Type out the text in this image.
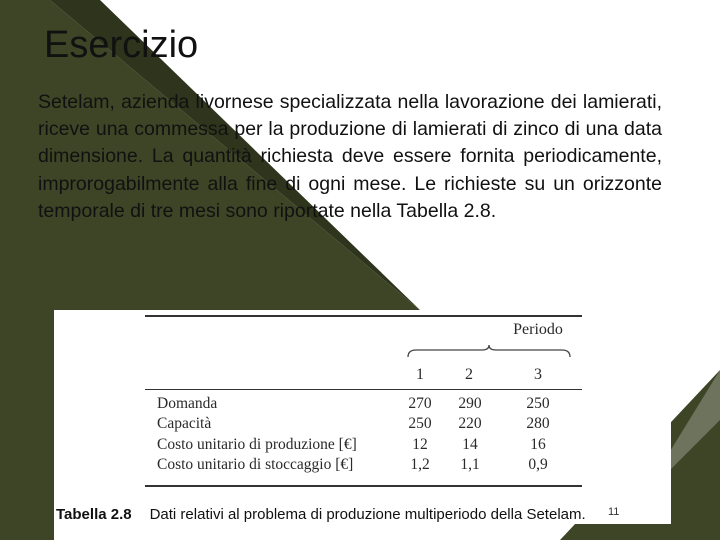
Esercizio
Setelam, azienda livornese specializzata nella lavorazione dei lamierati, riceve una commessa per la produzione di lamierati di zinco di una data dimensione. La quantità richiesta deve essere fornita periodicamente, improrogabilmente alla fine di ogni mese. Le richieste su un orizzonte temporale di tre mesi sono riportate nella Tabella 2.8.
Periodo
1	2	3
Domanda	270	290	250
Capacità	250	220	280
Costo unitario di produzione [€]	12	14	16
Costo unitario di stoccaggio [€]	1,2	1,1	0,9
Tabella 2.8 Dati relativi al problema di produzione multiperiodo della Setelam. 11
